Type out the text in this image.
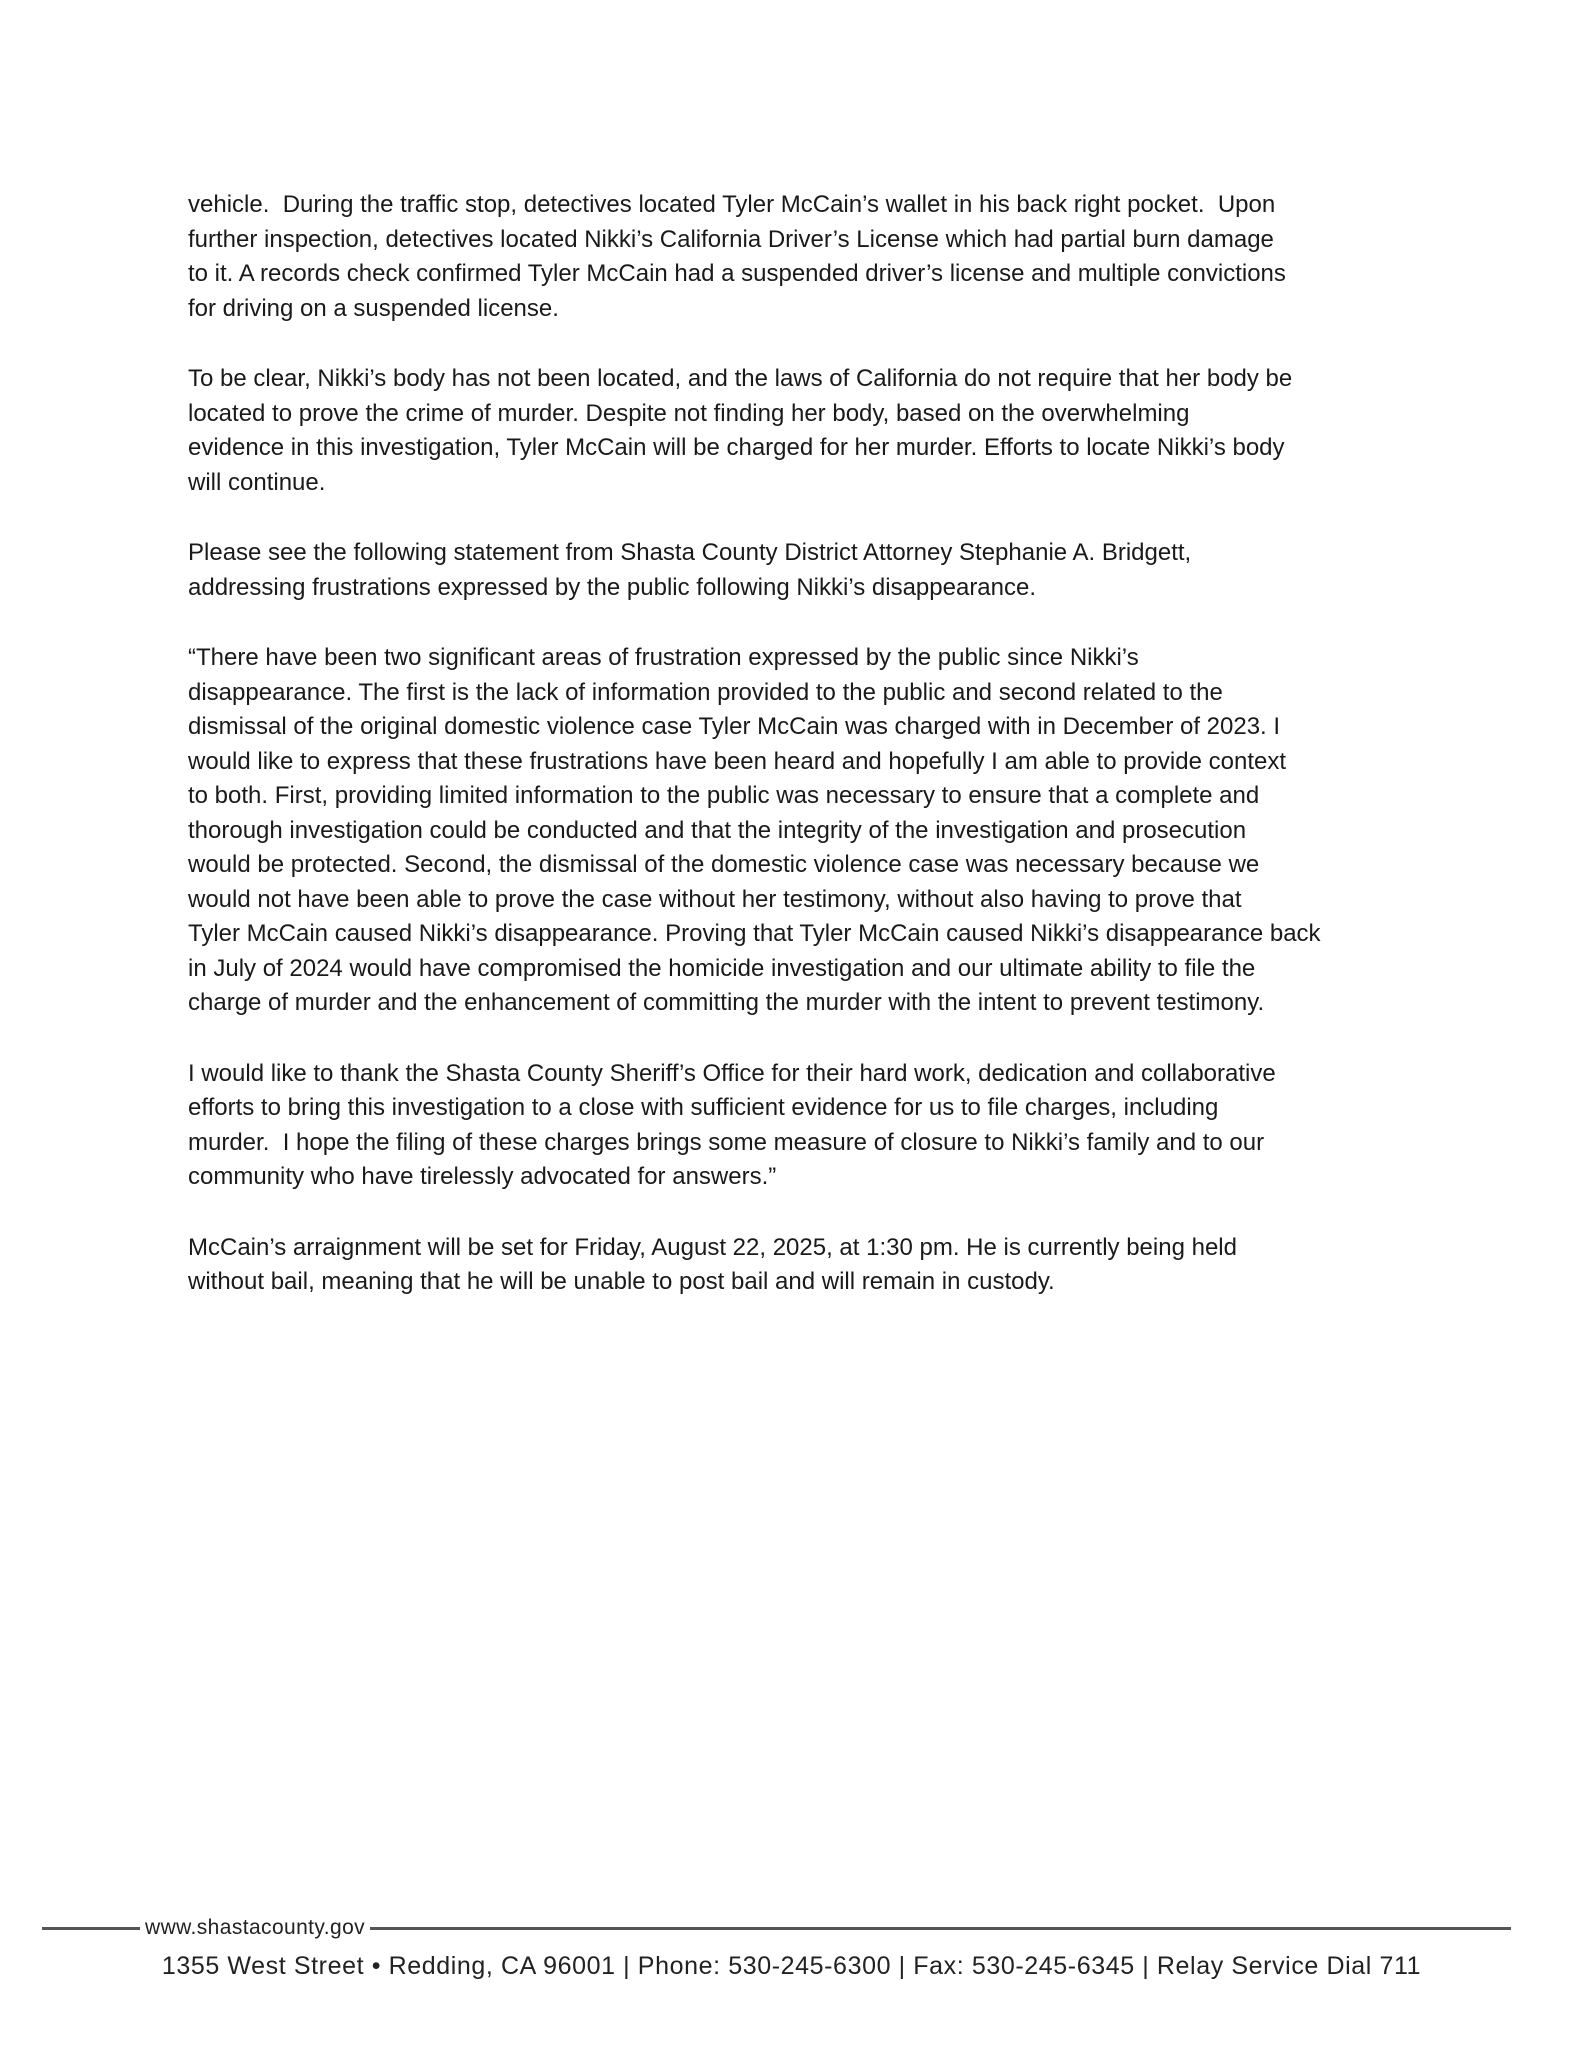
vehicle.  During the traffic stop, detectives located Tyler McCain’s wallet in his back right pocket.  Upon
further inspection, detectives located Nikki’s California Driver’s License which had partial burn damage
to it. A records check confirmed Tyler McCain had a suspended driver’s license and multiple convictions
for driving on a suspended license.
To be clear, Nikki’s body has not been located, and the laws of California do not require that her body be
located to prove the crime of murder. Despite not finding her body, based on the overwhelming
evidence in this investigation, Tyler McCain will be charged for her murder. Efforts to locate Nikki’s body
will continue.
Please see the following statement from Shasta County District Attorney Stephanie A. Bridgett,
addressing frustrations expressed by the public following Nikki’s disappearance.
“There have been two significant areas of frustration expressed by the public since Nikki’s
disappearance. The first is the lack of information provided to the public and second related to the
dismissal of the original domestic violence case Tyler McCain was charged with in December of 2023. I
would like to express that these frustrations have been heard and hopefully I am able to provide context
to both. First, providing limited information to the public was necessary to ensure that a complete and
thorough investigation could be conducted and that the integrity of the investigation and prosecution
would be protected. Second, the dismissal of the domestic violence case was necessary because we
would not have been able to prove the case without her testimony, without also having to prove that
Tyler McCain caused Nikki’s disappearance. Proving that Tyler McCain caused Nikki’s disappearance back
in July of 2024 would have compromised the homicide investigation and our ultimate ability to file the
charge of murder and the enhancement of committing the murder with the intent to prevent testimony.
I would like to thank the Shasta County Sheriff’s Office for their hard work, dedication and collaborative
efforts to bring this investigation to a close with sufficient evidence for us to file charges, including
murder.  I hope the filing of these charges brings some measure of closure to Nikki’s family and to our
community who have tirelessly advocated for answers.”
McCain’s arraignment will be set for Friday, August 22, 2025, at 1:30 pm. He is currently being held
without bail, meaning that he will be unable to post bail and will remain in custody.
www.shastacounty.gov
1355 West Street • Redding, CA 96001 | Phone: 530-245-6300 | Fax: 530-245-6345 | Relay Service Dial 711
